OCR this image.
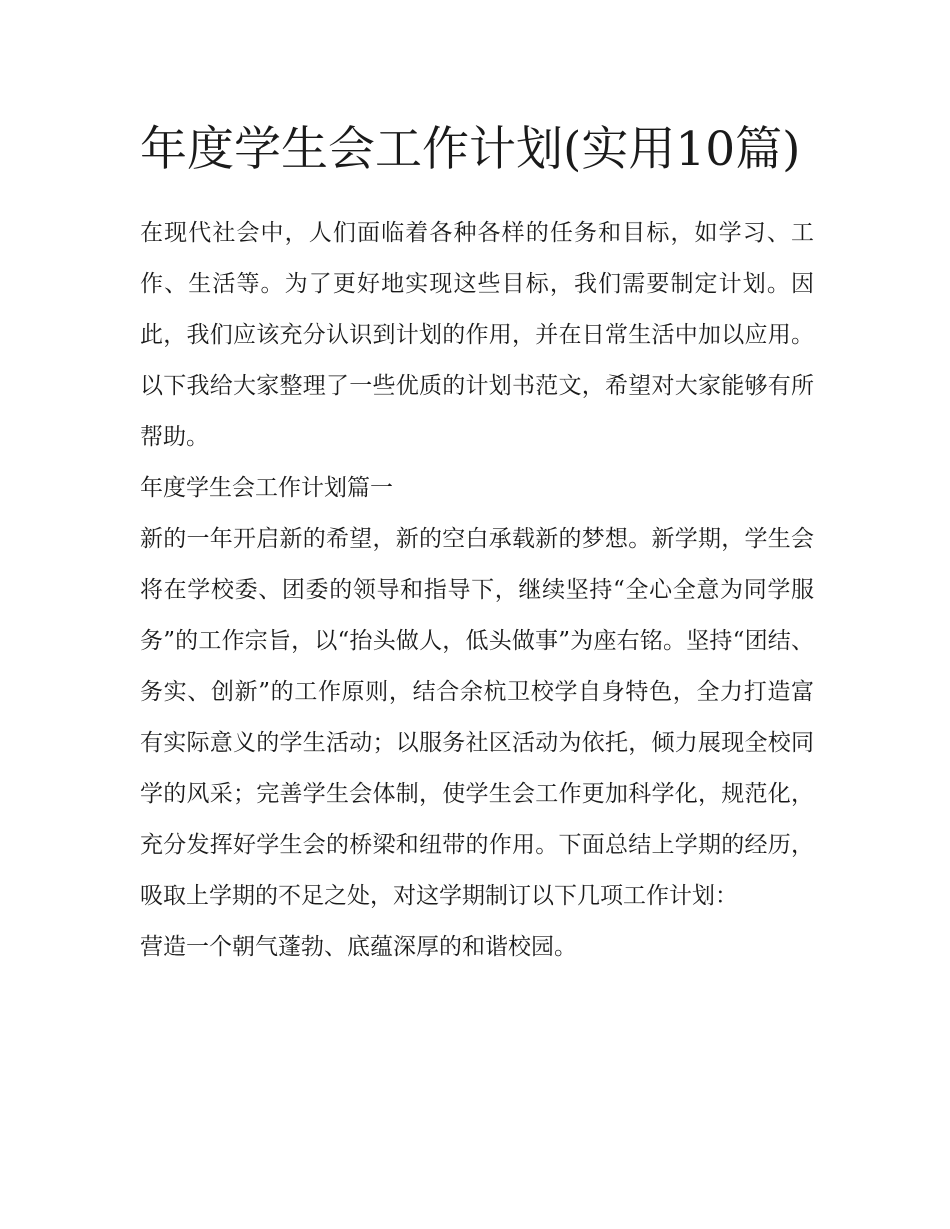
年度学生会工作计划(实用10篇)

在现代社会中，人们面临着各种各样的任务和目标，如学习、工作、生活等。为了更好地实现这些目标，我们需要制定计划。因此，我们应该充分认识到计划的作用，并在日常生活中加以应用。以下我给大家整理了一些优质的计划书范文，希望对大家能够有所帮助。

年度学生会工作计划篇一

新的一年开启新的希望，新的空白承载新的梦想。新学期，学生会将在学校委、团委的领导和指导下，继续坚持“全心全意为同学服务”的工作宗旨，以“抬头做人，低头做事”为座右铭。坚持“团结、务实、创新”的工作原则，结合余杭卫校学自身特色，全力打造富有实际意义的学生活动；以服务社区活动为依托，倾力展现全校同学的风采；完善学生会体制，使学生会工作更加科学化，规范化，充分发挥好学生会的桥梁和纽带的作用。下面总结上学期的经历，吸取上学期的不足之处，对这学期制订以下几项工作计划：

营造一个朝气蓬勃、底蕴深厚的和谐校园。
